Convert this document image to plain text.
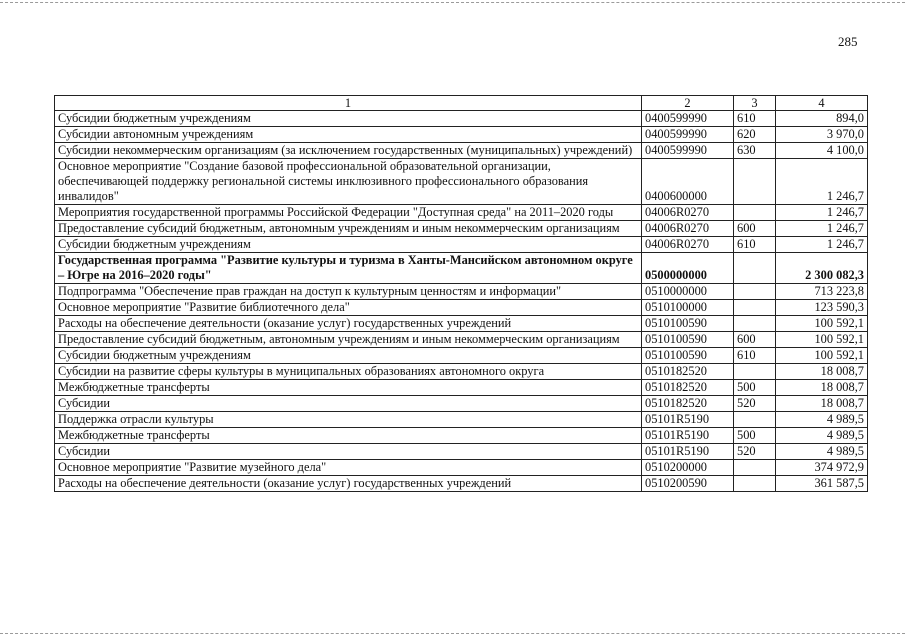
285
1	2	3	4
Субсидии бюджетным учреждениям	0400599990	610	894,0
Субсидии автономным учреждениям	0400599990	620	3 970,0
Субсидии некоммерческим организациям (за исключением государственных (муниципальных) учреждений)	0400599990	630	4 100,0
Основное мероприятие "Создание базовой профессиональной образовательной организации, обеспечивающей поддержку региональной системы инклюзивного профессионального образования инвалидов"	0400600000		1 246,7
Мероприятия государственной программы Российской Федерации "Доступная среда" на 2011–2020 годы	04006R0270		1 246,7
Предоставление субсидий бюджетным, автономным учреждениям и иным некоммерческим организациям	04006R0270	600	1 246,7
Субсидии бюджетным учреждениям	04006R0270	610	1 246,7
Государственная программа "Развитие культуры и туризма в Ханты-Мансийском автономном округе – Югре на 2016–2020 годы"	0500000000		2 300 082,3
Подпрограмма "Обеспечение прав граждан на доступ к культурным ценностям и информации"	0510000000		713 223,8
Основное мероприятие "Развитие библиотечного дела"	0510100000		123 590,3
Расходы на обеспечение деятельности (оказание услуг) государственных учреждений	0510100590		100 592,1
Предоставление субсидий бюджетным, автономным учреждениям и иным некоммерческим организациям	0510100590	600	100 592,1
Субсидии бюджетным учреждениям	0510100590	610	100 592,1
Субсидии на развитие сферы культуры в муниципальных образованиях автономного округа	0510182520		18 008,7
Межбюджетные трансферты	0510182520	500	18 008,7
Субсидии	0510182520	520	18 008,7
Поддержка отрасли культуры	05101R5190		4 989,5
Межбюджетные трансферты	05101R5190	500	4 989,5
Субсидии	05101R5190	520	4 989,5
Основное мероприятие "Развитие музейного дела"	0510200000		374 972,9
Расходы на обеспечение деятельности (оказание услуг) государственных учреждений	0510200590		361 587,5
